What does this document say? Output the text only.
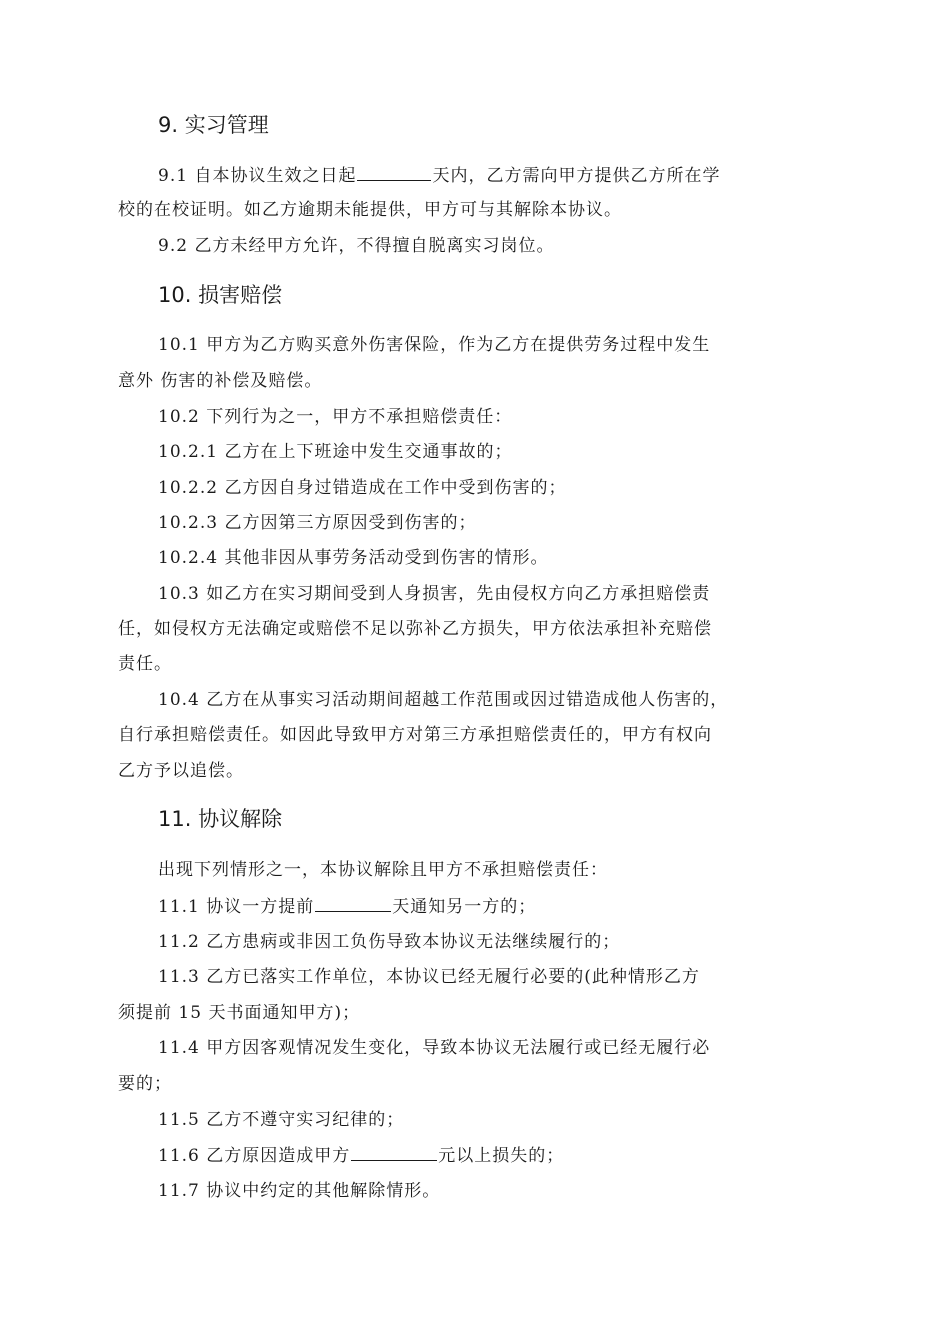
9. 实习管理

9.1 自本协议生效之日起	天内，乙方需向甲方提供乙方所在学

校的在校证明。如乙方逾期未能提供，甲方可与其解除本协议。

9.2 乙方未经甲方允许，不得擅自脱离实习岗位。

10. 损害赔偿

10.1 甲方为乙方购买意外伤害保险，作为乙方在提供劳务过程中发生

意外 伤害的补偿及赔偿。

10.2 下列行为之一，甲方不承担赔偿责任：

10.2.1 乙方在上下班途中发生交通事故的；

10.2.2 乙方因自身过错造成在工作中受到伤害的；

10.2.3 乙方因第三方原因受到伤害的；

10.2.4 其他非因从事劳务活动受到伤害的情形。

10.3 如乙方在实习期间受到人身损害，先由侵权方向乙方承担赔偿责

任，如侵权方无法确定或赔偿不足以弥补乙方损失，甲方依法承担补充赔偿

责任。

10.4 乙方在从事实习活动期间超越工作范围或因过错造成他人伤害的，

自行承担赔偿责任。如因此导致甲方对第三方承担赔偿责任的，甲方有权向

乙方予以追偿。

11. 协议解除

出现下列情形之一，本协议解除且甲方不承担赔偿责任：

11.1 协议一方提前	天通知另一方的；

11.2 乙方患病或非因工负伤导致本协议无法继续履行的；

11.3 乙方已落实工作单位，本协议已经无履行必要的(此种情形乙方

须提前 15 天书面通知甲方)；

11.4 甲方因客观情况发生变化，导致本协议无法履行或已经无履行必

要的；

11.5 乙方不遵守实习纪律的；

11.6 乙方原因造成甲方	元以上损失的；

11.7 协议中约定的其他解除情形。
